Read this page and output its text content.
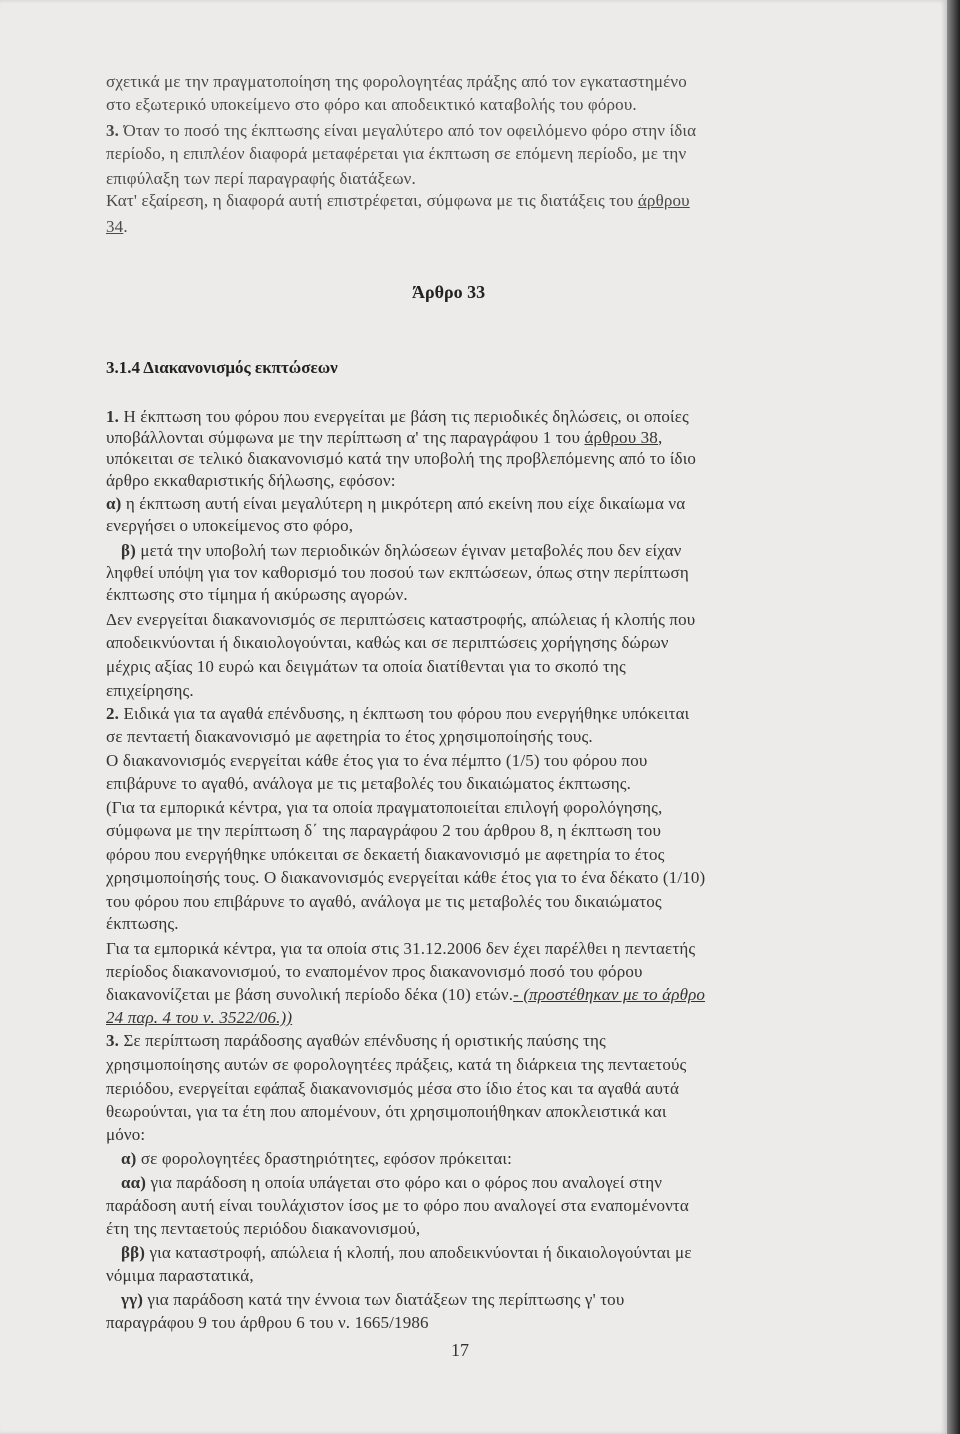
σχετικά με την πραγματοποίηση της φορολογητέας πράξης από τον εγκαταστημένο
στο εξωτερικό υποκείμενο στο φόρο και αποδεικτικό καταβολής του φόρου.
3. Όταν το ποσό της έκπτωσης είναι μεγαλύτερο από τον οφειλόμενο φόρο στην ίδια
περίοδο, η επιπλέον διαφορά μεταφέρεται για έκπτωση σε επόμενη περίοδο, με την
επιφύλαξη των περί παραγραφής διατάξεων.
Κατ' εξαίρεση, η διαφορά αυτή επιστρέφεται, σύμφωνα με τις διατάξεις του άρθρου
34.
Άρθρο 33
3.1.4 Διακανονισμός εκπτώσεων
1. Η έκπτωση του φόρου που ενεργείται με βάση τις περιοδικές δηλώσεις, οι οποίες
υποβάλλονται σύμφωνα με την περίπτωση α' της παραγράφου 1 του άρθρου 38,
υπόκειται σε τελικό διακανονισμό κατά την υποβολή της προβλεπόμενης από το ίδιο
άρθρο εκκαθαριστικής δήλωσης, εφόσον:
α) η έκπτωση αυτή είναι μεγαλύτερη η μικρότερη από εκείνη που είχε δικαίωμα να
ενεργήσει ο υποκείμενος στο φόρο,
β) μετά την υποβολή των περιοδικών δηλώσεων έγιναν μεταβολές που δεν είχαν
ληφθεί υπόψη για τον καθορισμό του ποσού των εκπτώσεων, όπως στην περίπτωση
έκπτωσης στο τίμημα ή ακύρωσης αγορών.
Δεν ενεργείται διακανονισμός σε περιπτώσεις καταστροφής, απώλειας ή κλοπής που
αποδεικνύονται ή δικαιολογούνται, καθώς και σε περιπτώσεις χορήγησης δώρων
μέχρις αξίας 10 ευρώ και δειγμάτων τα οποία διατίθενται για το σκοπό της
επιχείρησης.
2. Ειδικά για τα αγαθά επένδυσης, η έκπτωση του φόρου που ενεργήθηκε υπόκειται
σε πενταετή διακανονισμό με αφετηρία το έτος χρησιμοποίησής τους.
Ο διακανονισμός ενεργείται κάθε έτος για το ένα πέμπτο (1/5) του φόρου που
επιβάρυνε το αγαθό, ανάλογα με τις μεταβολές του δικαιώματος έκπτωσης.
(Για τα εμπορικά κέντρα, για τα οποία πραγματοποιείται επιλογή φορολόγησης,
σύμφωνα με την περίπτωση δ΄ της παραγράφου 2 του άρθρου 8, η έκπτωση του
φόρου που ενεργήθηκε υπόκειται σε δεκαετή διακανονισμό με αφετηρία το έτος
χρησιμοποίησής τους. Ο διακανονισμός ενεργείται κάθε έτος για το ένα δέκατο (1/10)
του φόρου που επιβάρυνε το αγαθό, ανάλογα με τις μεταβολές του δικαιώματος
έκπτωσης.
Για τα εμπορικά κέντρα, για τα οποία στις 31.12.2006 δεν έχει παρέλθει η πενταετής
περίοδος διακανονισμού, το εναπομένον προς διακανονισμό ποσό του φόρου
διακανονίζεται με βάση συνολική περίοδο δέκα (10) ετών.- (προστέθηκαν με το άρθρο
24 παρ. 4 του ν. 3522/06.))
3. Σε περίπτωση παράδοσης αγαθών επένδυσης ή οριστικής παύσης της
χρησιμοποίησης αυτών σε φορολογητέες πράξεις, κατά τη διάρκεια της πενταετούς
περιόδου, ενεργείται εφάπαξ διακανονισμός μέσα στο ίδιο έτος και τα αγαθά αυτά
θεωρούνται, για τα έτη που απομένουν, ότι χρησιμοποιήθηκαν αποκλειστικά και
μόνο:
α) σε φορολογητέες δραστηριότητες, εφόσον πρόκειται:
αα) για παράδοση η οποία υπάγεται στο φόρο και ο φόρος που αναλογεί στην
παράδοση αυτή είναι τουλάχιστον ίσος με το φόρο που αναλογεί στα εναπομένοντα
έτη της πενταετούς περιόδου διακανονισμού,
ββ) για καταστροφή, απώλεια ή κλοπή, που αποδεικνύονται ή δικαιολογούνται με
νόμιμα παραστατικά,
γγ) για παράδοση κατά την έννοια των διατάξεων της περίπτωσης γ' του
παραγράφου 9 του άρθρου 6 του ν. 1665/1986
17
